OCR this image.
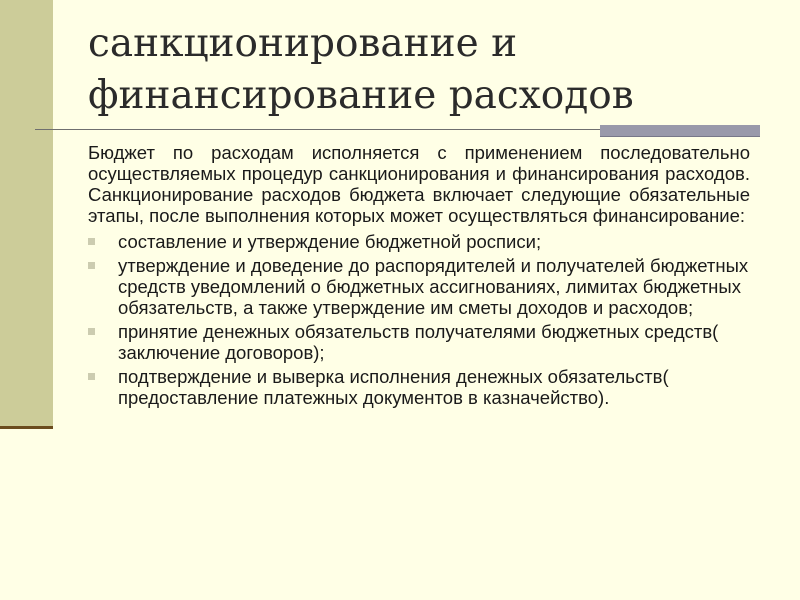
санкционирование и финансирование расходов

Бюджет по расходам исполняется с применением последовательно осуществляемых процедур санкционирования и финансирования расходов. Санкционирование расходов бюджета включает следующие обязательные этапы, после выполнения которых может осуществляться финансирование:

составление и утверждение бюджетной росписи;
утверждение и доведение до распорядителей и получателей бюджетных средств уведомлений о бюджетных ассигнованиях, лимитах бюджетных обязательств, а также утверждение им сметы доходов и расходов;
принятие денежных обязательств получателями бюджетных средств( заключение договоров);
подтверждение и выверка исполнения денежных обязательств( предоставление платежных документов в казначейство).
